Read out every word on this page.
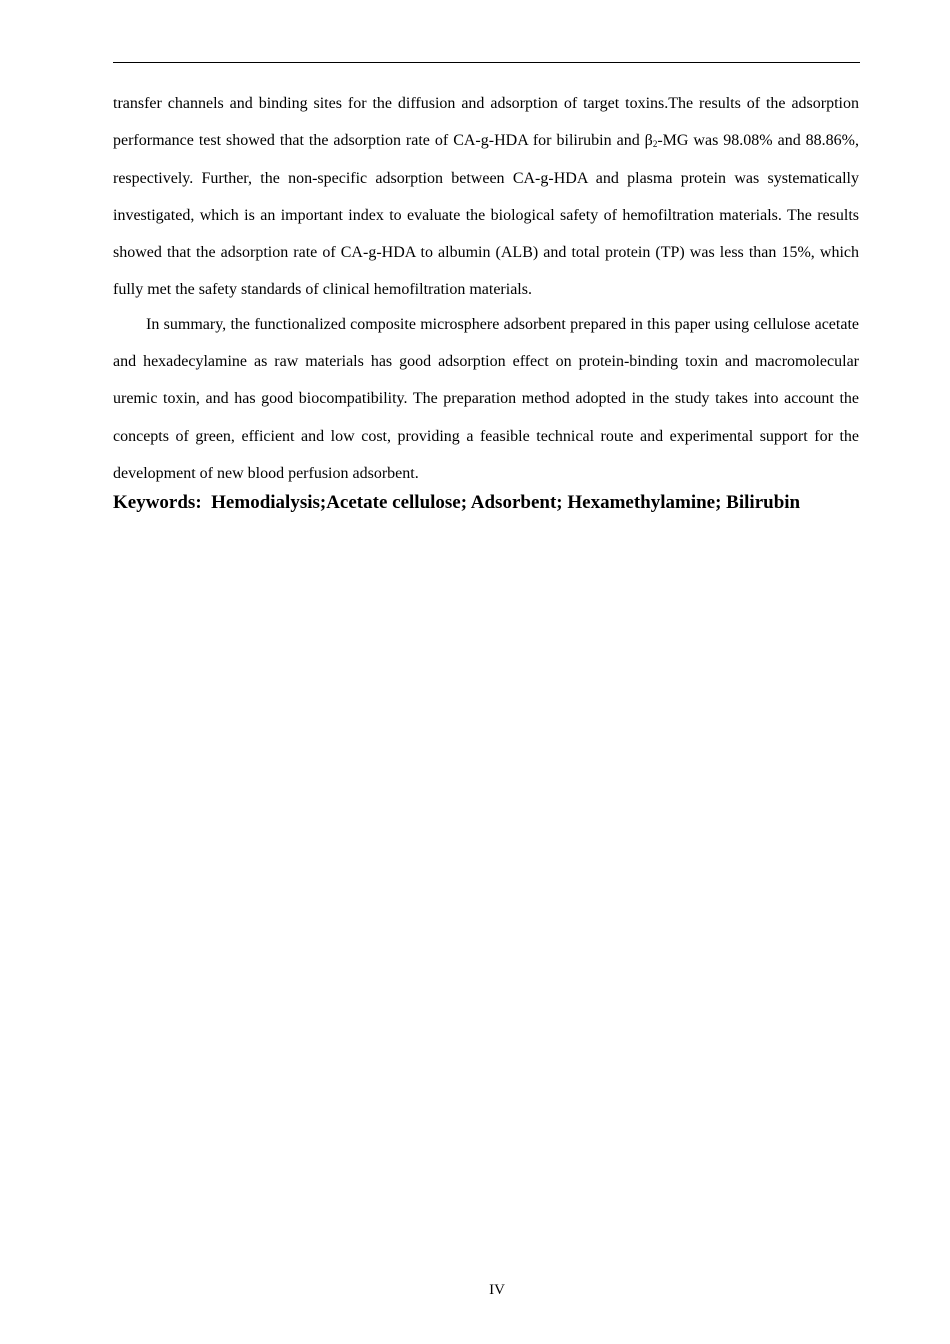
transfer channels and binding sites for the diffusion and adsorption of target toxins.The results of the adsorption performance test showed that the adsorption rate of CA-g-HDA for bilirubin and $\beta_2-MG$ was 98.08% and 88.86%, respectively. Further, the non-specific adsorption between CA-g-HDA and plasma protein was systematically investigated, which is an important index to evaluate the biological safety of hemofiltration materials. The results showed that the adsorption rate of CA-g-HDA to albumin (ALB) and total protein (TP) was less than 15%, which fully met the safety standards of clinical hemofiltration materials.

In summary, the functionalized composite microsphere adsorbent prepared in this paper using cellulose acetate and hexadecylamine as raw materials has good adsorption effect on protein-binding toxin and macromolecular uremic toxin, and has good biocompatibility. The preparation method adopted in the study takes into account the concepts of green, efficient and low cost, providing a feasible technical route and experimental support for the development of new blood perfusion adsorbent.

Keywords: Hemodialysis;Acetate cellulose; Adsorbent; Hexamethylamine; Bilirubin

IV
